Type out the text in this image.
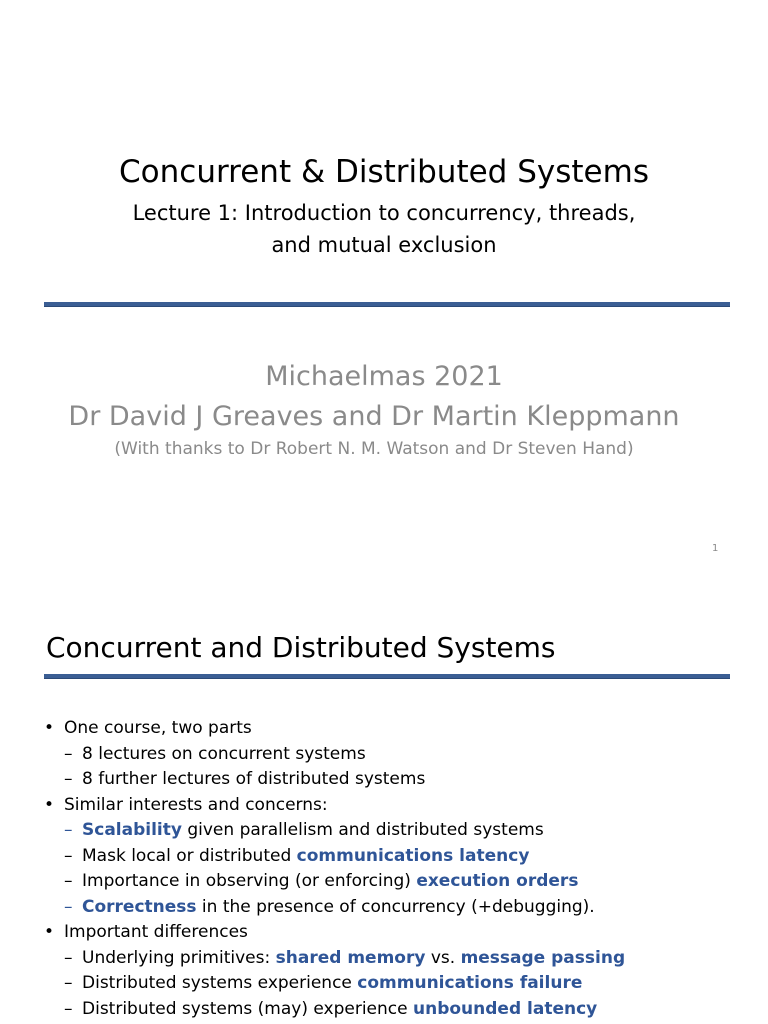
Concurrent & Distributed Systems
Lecture 1: Introduction to concurrency, threads,
and mutual exclusion
Michaelmas 2021
Dr David J Greaves and Dr Martin Kleppmann
(With thanks to Dr Robert N. M. Watson and Dr Steven Hand)
1
Concurrent and Distributed Systems
• One course, two parts
– 8 lectures on concurrent systems
– 8 further lectures of distributed systems
• Similar interests and concerns:
– Scalability given parallelism and distributed systems
– Mask local or distributed communications latency
– Importance in observing (or enforcing) execution orders
– Correctness in the presence of concurrency (+debugging).
• Important differences
– Underlying primitives: shared memory vs. message passing
– Distributed systems experience communications failure
– Distributed systems (may) experience unbounded latency
